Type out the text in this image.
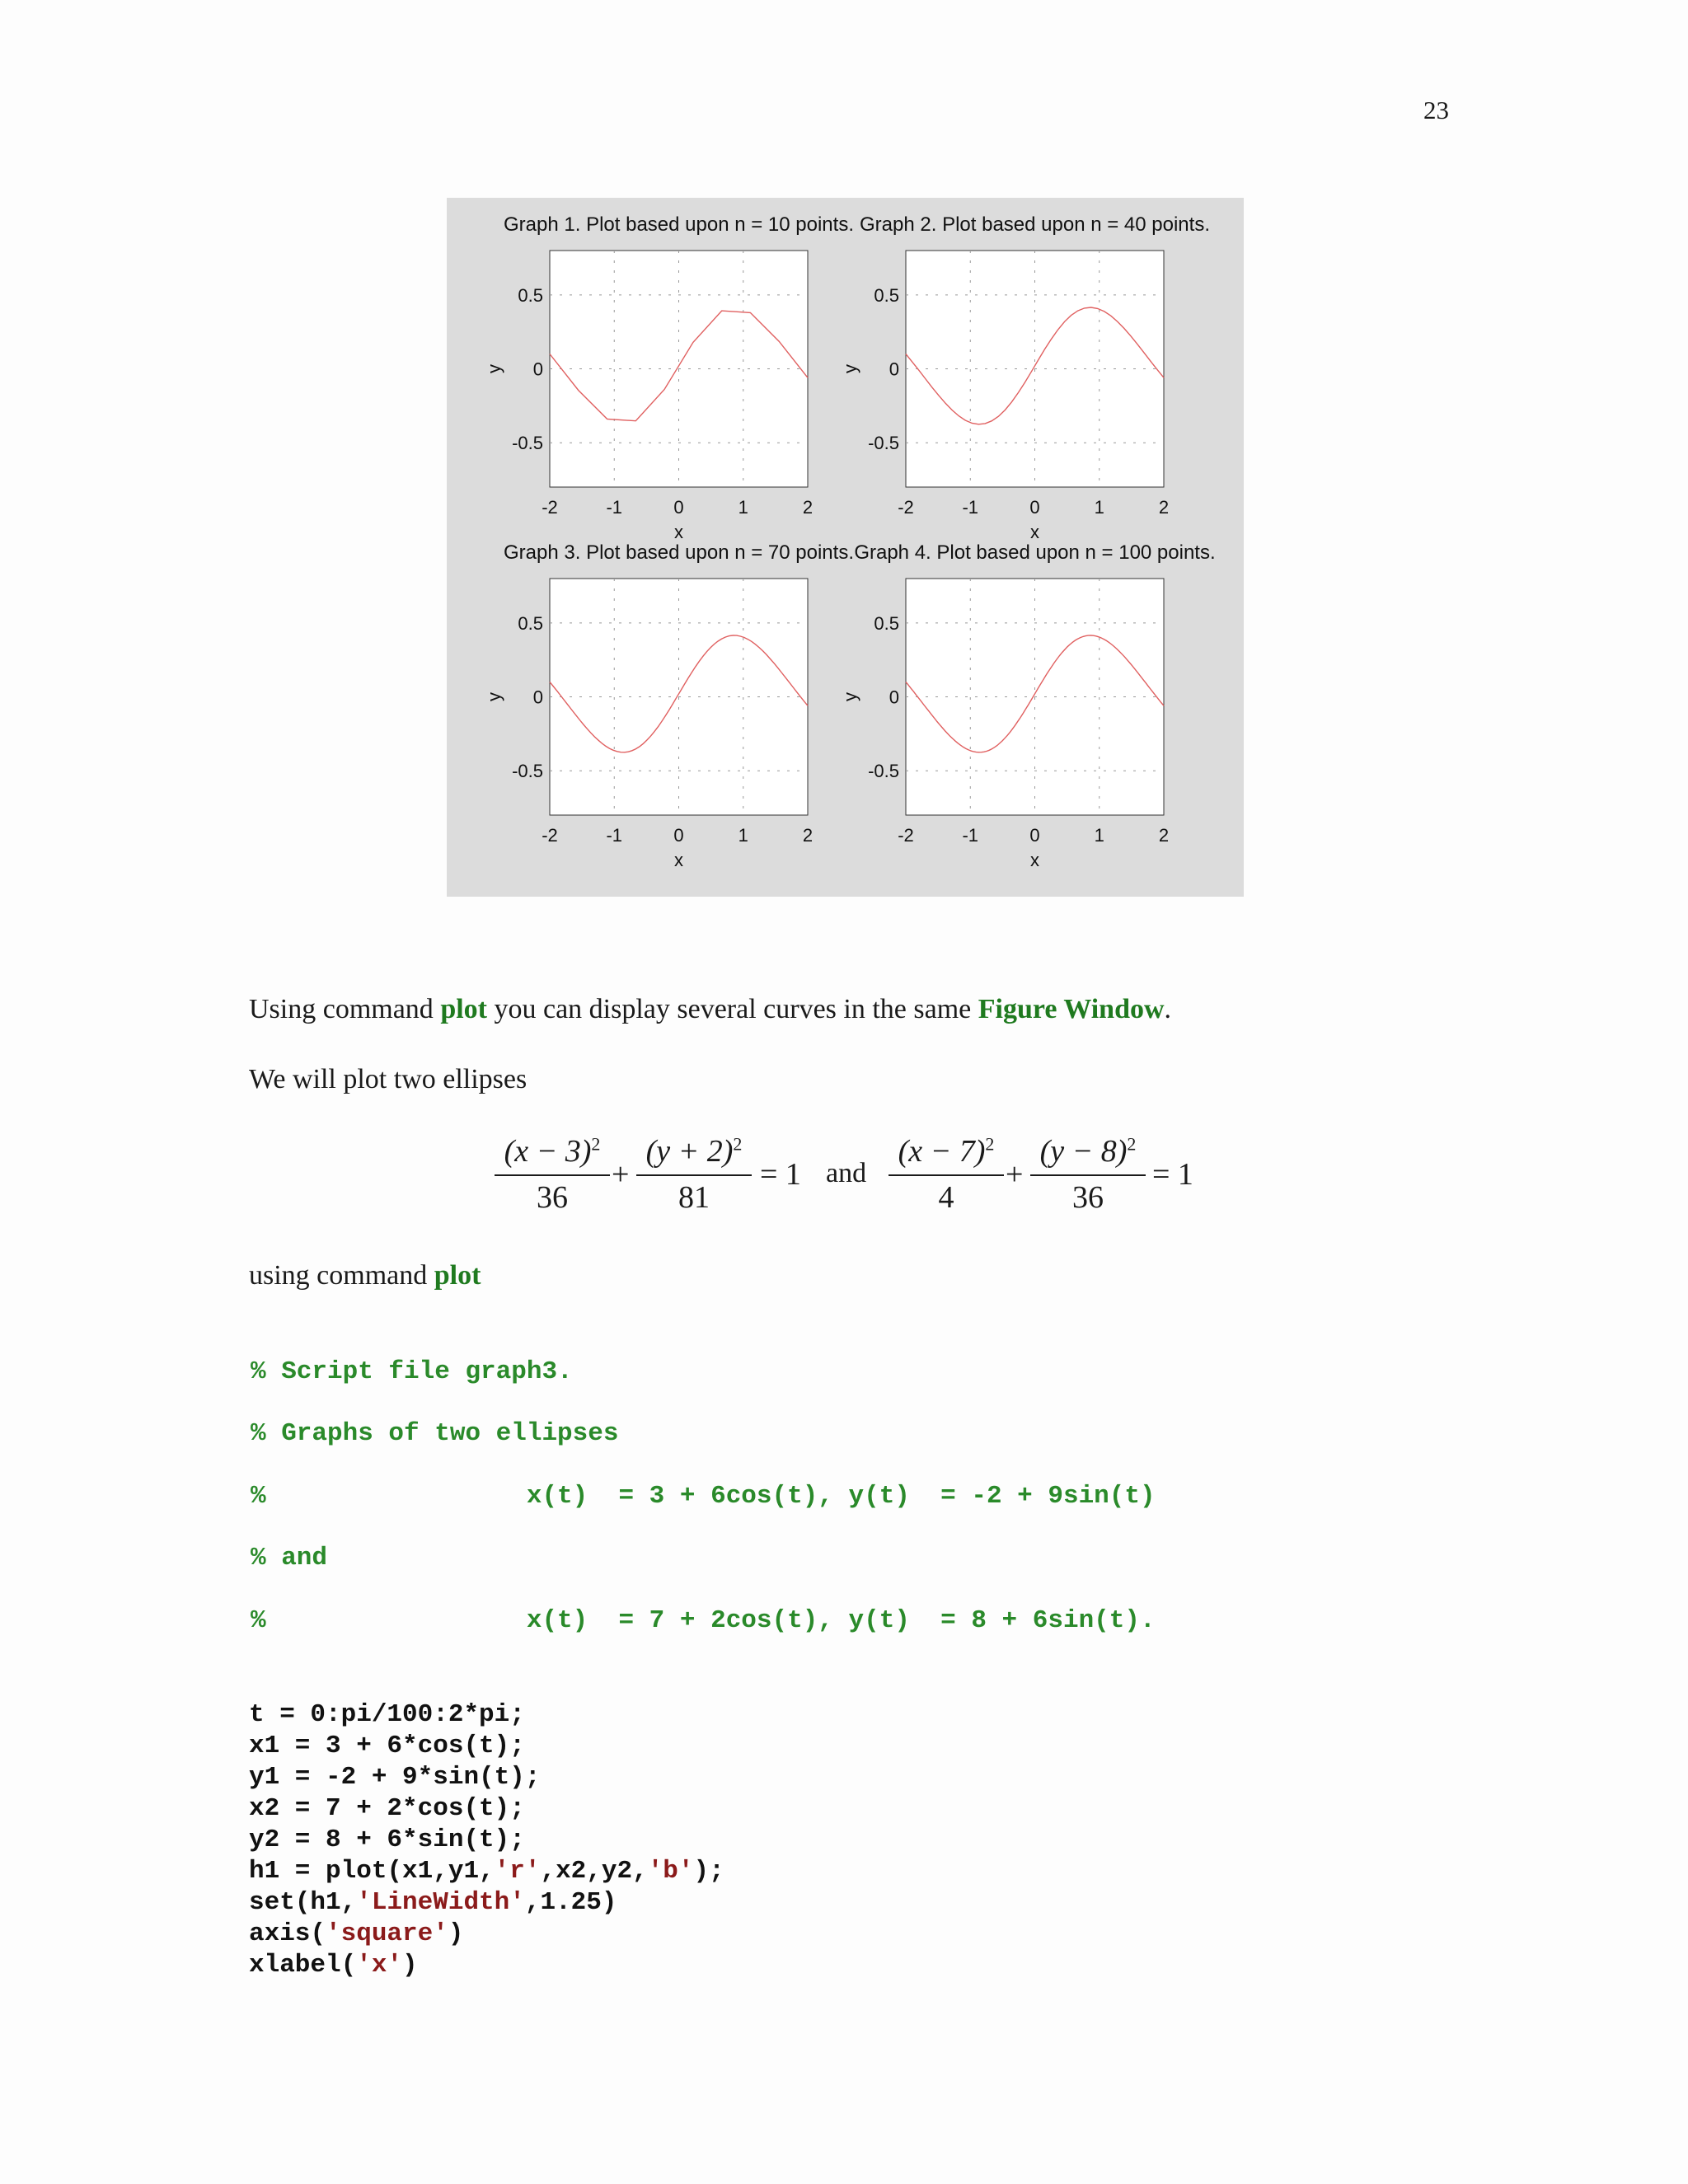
23
-2	-1	0	1	2
0.5
0
-0.5
Graph 1. Plot based upon n = 10 points.
x
y
-2	-1	0	1	2
0.5
0
-0.5
Graph 2. Plot based upon n = 40 points.
x
y
-2	-1	0	1	2
0.5
0
-0.5
Graph 3. Plot based upon n = 70 points.
x
y
-2	-1	0	1	2
0.5
0
-0.5
Graph 4. Plot based upon n = 100 points.
x
y
Using command plot you can display several curves in the same Figure Window.
We will plot two ellipses
$(x - 3)^2$
36
+
$(y + 2)^2$
81
= 1 and
$(x - 7)^2$
4
+
$(y - 8)^2$
36
= 1
using command plot
% Script file graph3.
% Graphs of two ellipses
%                 x(t)  = 3 + 6cos(t), y(t)  = -2 + 9sin(t)
% and
%                 x(t)  = 7 + 2cos(t), y(t)  = 8 + 6sin(t).
t = 0:pi/100:2*pi;
x1 = 3 + 6*cos(t);
y1 = -2 + 9*sin(t);
x2 = 7 + 2*cos(t);
y2 = 8 + 6*sin(t);
h1 = plot(x1,y1,'r',x2,y2,'b');
set(h1,'LineWidth',1.25)
axis('square')
xlabel('x')
